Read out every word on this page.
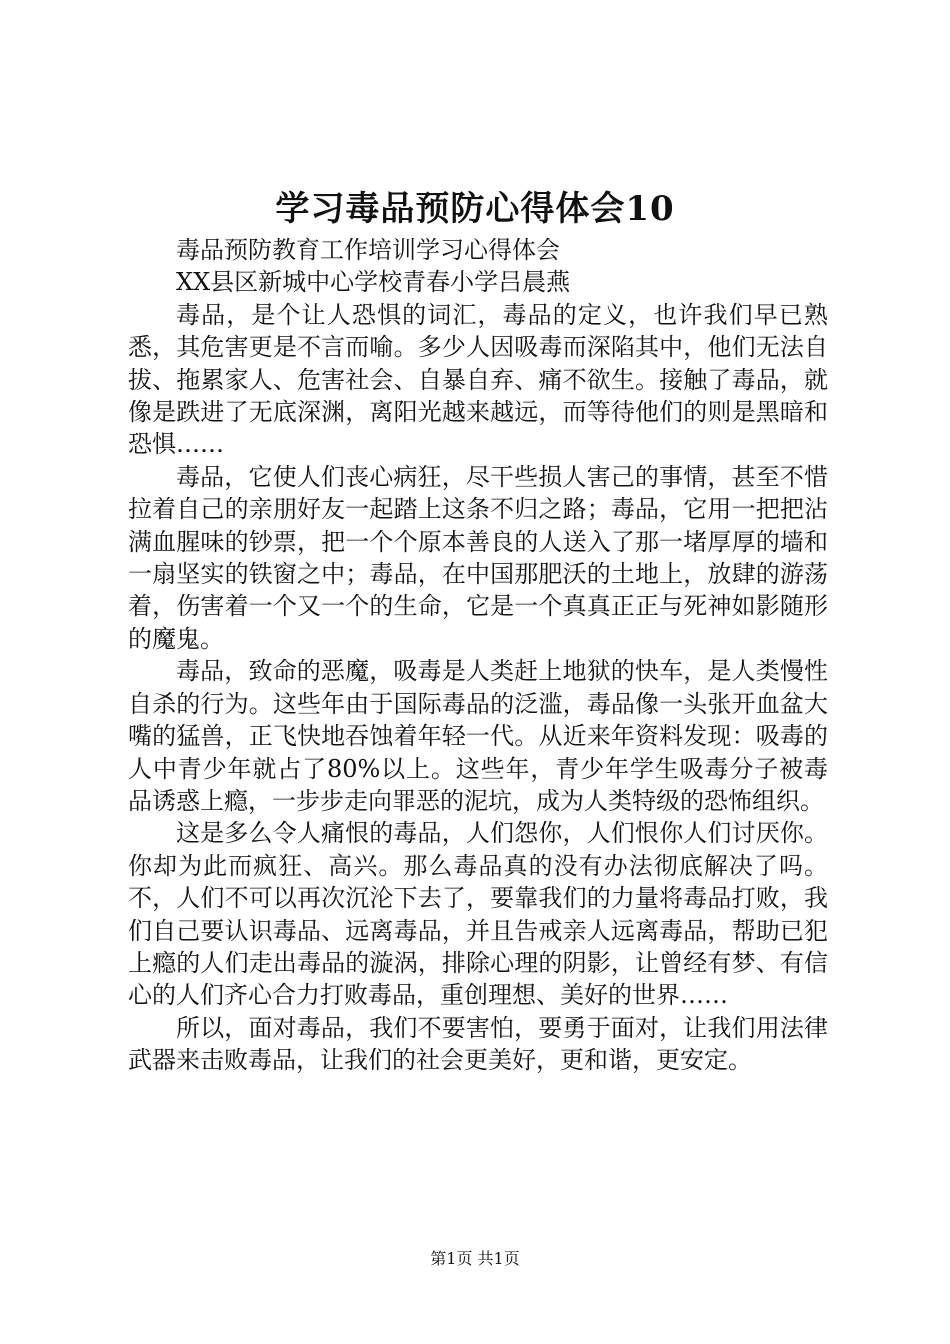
学习毒品预防心得体会10

毒品预防教育工作培训学习心得体会

XX县区新城中心学校青春小学吕晨燕

毒品，是个让人恐惧的词汇，毒品的定义，也许我们早已熟悉，其危害更是不言而喻。多少人因吸毒而深陷其中，他们无法自拔、拖累家人、危害社会、自暴自弃、痛不欲生。接触了毒品，就像是跌进了无底深渊，离阳光越来越远，而等待他们的则是黑暗和恐惧……

毒品，它使人们丧心病狂，尽干些损人害己的事情，甚至不惜拉着自己的亲朋好友一起踏上这条不归之路；毒品，它用一把把沾满血腥味的钞票，把一个个原本善良的人送入了那一堵厚厚的墙和一扇坚实的铁窗之中；毒品，在中国那肥沃的土地上，放肆的游荡着，伤害着一个又一个的生命，它是一个真真正正与死神如影随形的魔鬼。

毒品，致命的恶魔，吸毒是人类赶上地狱的快车，是人类慢性自杀的行为。这些年由于国际毒品的泛滥，毒品像一头张开血盆大嘴的猛兽，正飞快地吞蚀着年轻一代。从近来年资料发现：吸毒的人中青少年就占了80%以上。这些年，青少年学生吸毒分子被毒品诱惑上瘾，一步步走向罪恶的泥坑，成为人类特级的恐怖组织。

这是多么令人痛恨的毒品，人们怨你，人们恨你人们讨厌你。你却为此而疯狂、高兴。那么毒品真的没有办法彻底解决了吗。不，人们不可以再次沉沦下去了，要靠我们的力量将毒品打败，我们自己要认识毒品、远离毒品，并且告戒亲人远离毒品，帮助已犯上瘾的人们走出毒品的漩涡，排除心理的阴影，让曾经有梦、有信心的人们齐心合力打败毒品，重创理想、美好的世界……

所以，面对毒品，我们不要害怕，要勇于面对，让我们用法律武器来击败毒品，让我们的社会更美好，更和谐，更安定。

第1页 共1页
